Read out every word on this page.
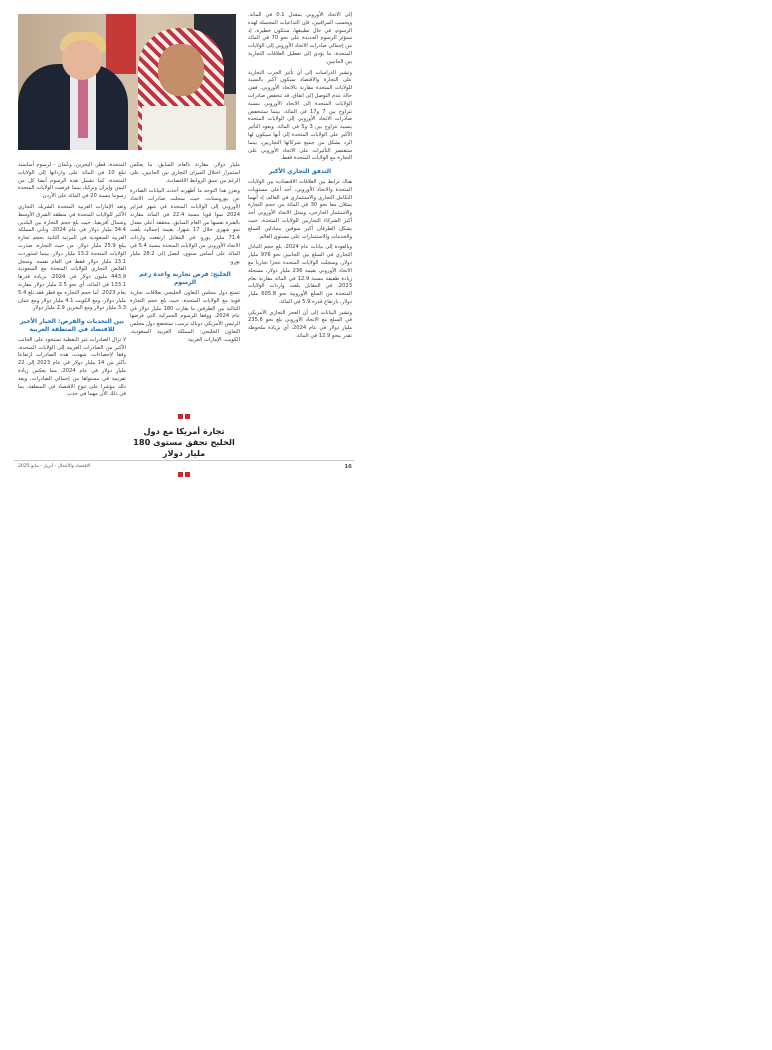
إلى الاتحاد الأوروبي بمعدل 0.1 في المائة. ويحسب المراقبين، فإن التداعيات المحتملة لهذه الرسوم، في حال تطبيقها، ستكون خطيرة، إذ ستؤثر الرسوم الجديدة على نحو 70 في المائة من إجمالي صادرات الاتحاد الأوروبي إلى الولايات المتحدة، ما يؤدي إلى تعطيل العلاقات التجارية بين الجانبين.

وتشير الدراسات إلى أن تأثير الحرب التجارية على التجارة والاقتصاد سيكون أكبر بالنسبة للولايات المتحدة مقارنة بالاتحاد الأوروبي، ففي حالة عدم التوصل إلى اتفاق، قد تنخفض صادرات الولايات المتحدة إلى الاتحاد الأوروبي بنسبة تتراوح بين 7 و17 في المائة، بينما ستنخفض صادرات الاتحاد الأوروبي إلى الولايات المتحدة بنسبة تتراوح بين 3 و5 في المائة. ويعود التأثير الأكبر على الولايات المتحدة إلى أنها سيكون لها الرد بشكل من جميع شركائها التجاريين، بينما ستقتصر التأثيرات على الاتحاد الأوروبي على التجارة مع الولايات المتحدة فقط.

التدفق التجاري الأكبر

هناك ترابط بين العلاقات الاقتصادية بين الولايات المتحدة والاتحاد الأوروبي، أحد أعلى مستويات التكامل التجاري والاستثماري في العالم، إذ أنهما يمثلان معا نحو 30 في المائة من حجم التجارة والاستثمار الخارجي، ويمثل الاتحاد الأوروبي أحد أكبر الشركاء التجاريين للولايات المتحدة، حيث يشكل الطرفان أكبر سوقين متبادلين للسلع والخدمات والاستثمارات على مستوى العالم.

وبالعودة إلى بيانات عام 2024، بلغ حجم التبادل التجاري في السلع بين الجانبين نحو 976 مليار دولار، وسجلت الولايات المتحدة عجزا تجاريا مع الاتحاد الأوروبي بقيمة 236 مليار دولار، مسجلة زيادة طفيفة بنسبة 12.9 في المائة مقارنة بعام 2023، في المقابل بلغت واردات الولايات المتحدة من السلع الأوروبية نحو 605.8 مليار دولار، بارتفاع قدره 5.9 في المائة.

وتشير البيانات إلى أن العجز التجاري الأمريكي في السلع مع الاتحاد الأوروبي بلغ نحو 235.6 مليار دولار في عام 2024، أي بزيادة ملحوظة تقدر بنحو 12.9 في المائة.

مليار دولار، مقارنة بالعام السابق، ما يعكس استمرار اختلال الميزان التجاري بين الجانبين، على الرغم من عمق الروابط الاقتصادية.

ويعزز هذا التوجه ما أظهرته أحدث البيانات الصادرة عن يوروستات، حيث سجلت صادرات الاتحاد الأوروبي إلى الولايات المتحدة في شهر فبراير 2024 نموا قويا بنسبة 22.4 في المائة مقارنة بالفترة نفسها من العام السابق، محققة أعلى معدل نمو شهري خلال 17 شهرا، بقيمة إجمالية بلغت 71.4 مليار يورو. في المقابل ارتفعت واردات الاتحاد الأوروبي من الولايات المتحدة بنسبة 5.4 في المائة على أساس سنوي، لتصل إلى 28.2 مليار يورو.

الخليج: فرص تجارية واعدة رغم الرسوم

تتمتع دول مجلس التعاون الخليجي بعلاقات تجارية قوية مع الولايات المتحدة، حيث بلغ حجم التجارة الثنائية بين الطرفين ما يقارب 180 مليار دولار في عام 2024، ووفقا للرسوم الجمركية التي فرضها الرئيس الأمريكي دونالد ترمب، ستخضع دول مجلس التعاون الخليجي: المملكة العربية السعودية، الكويت، الإمارات العربية

تجارة أمريكا مع دول الخليج تحقق مستوى 180 مليار دولار

المتحدة، قطر، البحرين، وعُمان - لرسوم أساسية تبلغ 10 في المائة على وارداتها إلى الولايات المتحدة، كما تشمل هذه الرسوم أيضا كل من اليمن وإيران وتركيا، بينما فرضت الولايات المتحدة رسوما بنسبة 20 في المائة على الأردن.

وتعد الإمارات العربية المتحدة الشريك التجاري الأكبر للولايات المتحدة في منطقة الشرق الأوسط وشمال أفريقيا، حيث بلغ حجم التجارة بين البلدين 34.4 مليار دولار في عام 2024، وتأتي المملكة العربية السعودية في المرتبة الثانية بحجم تجارة يبلغ 25.9 مليار دولار. من حيث التجارة، صدرت الولايات المتحدة 13.2 مليار دولار، بينما استوردت 13.1 مليار دولار فقط في العام نفسه. وسجل الفائض التجاري للولايات المتحدة مع السعودية 443.9 مليون دولار في 2024، بزيادة قدرها 133.1 في المائة، أي نحو 2.5 مليار دولار مقارنة بعام 2023. أما حجم التجارة مع قطر فقد بلغ 5.4 مليار دولار، ومع الكويت 4.1 مليار دولار ومع عمان 3.3 مليار دولار ومع البحرين 2.9 مليار دولار.

بين التحديات والفرص: الخيار الأخير للاقتصاد في المنطقة العربية

لا تزال الصادرات غير النفطية تستحوذ على الجانب الأكبر من الصادرات العربية إلى الولايات المتحدة، وفقا لإحصاءات، شهدت هذه الصادرات ارتفاعا بأكثر من 14 مليار دولار في عام 2023 إلى 22 مليار دولار في عام 2024، مما يعكس زيادة تقريبية في مستواها من إجمالي الصادرات، ويعد ذلك مؤشرا على تنوع الاقتصاد في المنطقة، بما في ذلك الأن مهما في جذب

16
الاقتصاد والأعمال - أبريل - مايو 2025
